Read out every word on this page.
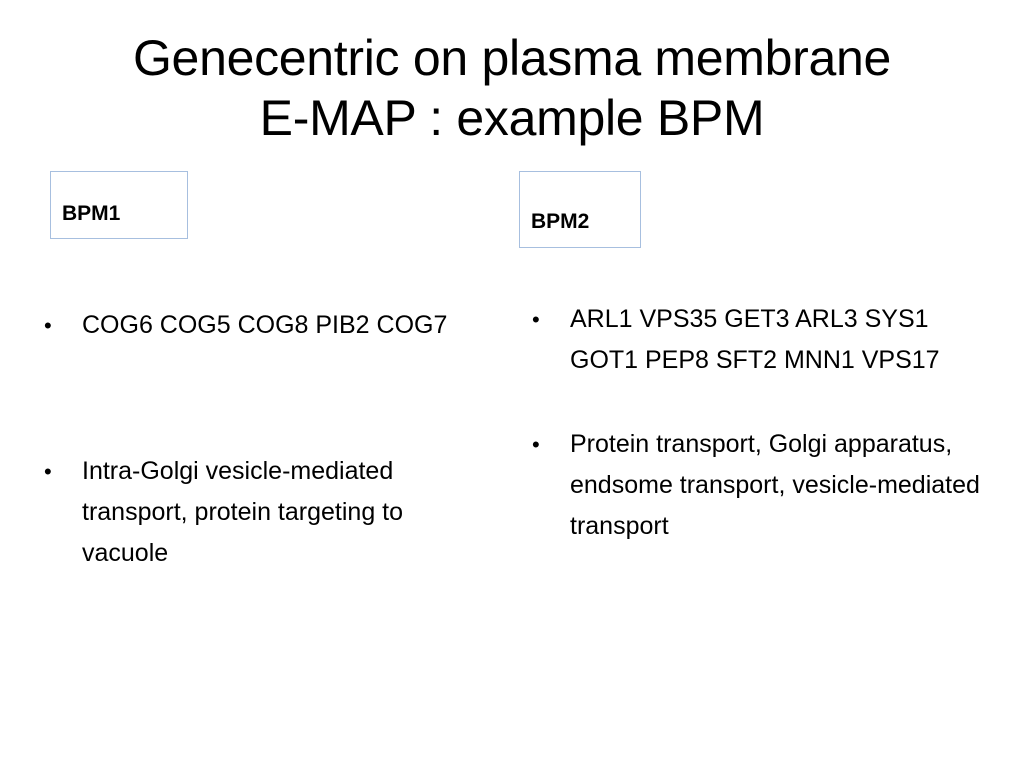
Genecentric on plasma membrane
E-MAP : example BPM
BPM1	BPM2
• COG6 COG5 COG8 PIB2 COG7
• Intra-Golgi vesicle-mediated transport, protein targeting to vacuole
• ARL1 VPS35 GET3 ARL3 SYS1 GOT1 PEP8 SFT2 MNN1 VPS17
• Protein transport, Golgi apparatus, endsome transport, vesicle-mediated transport
